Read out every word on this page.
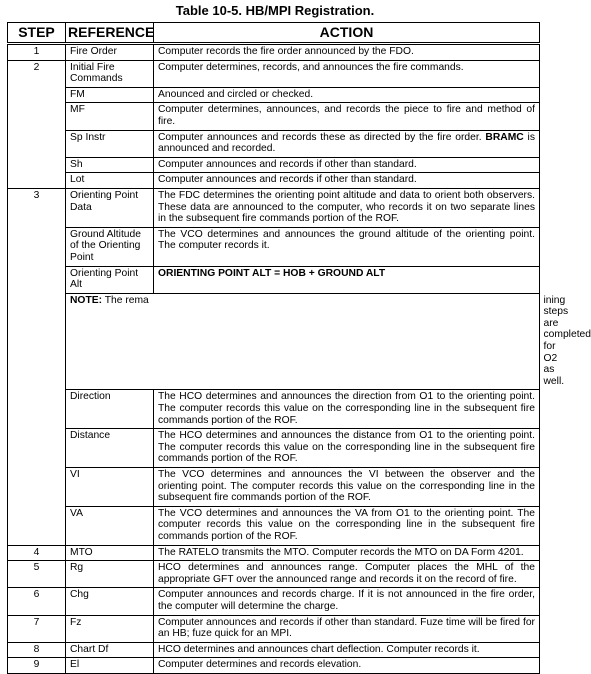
Table 10-5. HB/MPI Registration.
STEP	REFERENCE	ACTION	
1	Fire Order	Computer records the fire order announced by the FDO.	
2	Initial Fire Commands	Computer determines, records, and announces the fire commands.	
	FM	Anounced and circled or checked.	
	MF	Computer determines, announces, and records the piece to fire and method of fire.	
	Sp Instr	Computer announces and records these as directed by the fire order. BRAMC is announced and recorded.	
	Sh	Computer announces and records if other than standard.	
	Lot	Computer announces and records if other than standard.	
3	Orienting Point Data	The FDC determines the orienting point altitude and data to orient both observers. These data are announced to the computer, who records it on two separate lines in the subsequent fire commands portion of the ROF.	
	Ground Altitude of the Orienting Point	The VCO determines and announces the ground altitude of the orienting point. The computer records it.	
	Orienting Point Alt	ORIENTING POINT ALT = HOB + GROUND ALT	
	NOTE: The rema		ining steps are completed for O2 as well.
	Direction	The HCO determines and announces the direction from O1 to the orienting point. The computer records this value on the corresponding line in the subsequent fire commands portion of the ROF.	
	Distance	The HCO determines and announces the distance from O1 to the orienting point. The computer records this value on the corresponding line in the subsequent fire commands portion of the ROF.	
	VI	The VCO determines and announces the VI between the observer and the orienting point. The computer records this value on the corresponding line in the subsequent fire commands portion of the ROF.	
	VA	The VCO determines and announces the VA from O1 to the orienting point. The computer records this value on the corresponding line in the subsequent fire commands portion of the ROF.	
4	MTO	The RATELO transmits the MTO. Computer records the MTO on DA Form 4201.	
5	Rg	HCO determines and announces range. Computer places the MHL of the appropriate GFT over the announced range and records it on the record of fire.	
6	Chg	Computer announces and records charge. If it is not announced in the fire order, the computer will determine the charge.	
7	Fz	Computer announces and records if other than standard. Fuze time will be fired for an HB; fuze quick for an MPI.	
8	Chart Df	HCO determines and announces chart deflection. Computer records it.	
9	El	Computer determines and records elevation.	
